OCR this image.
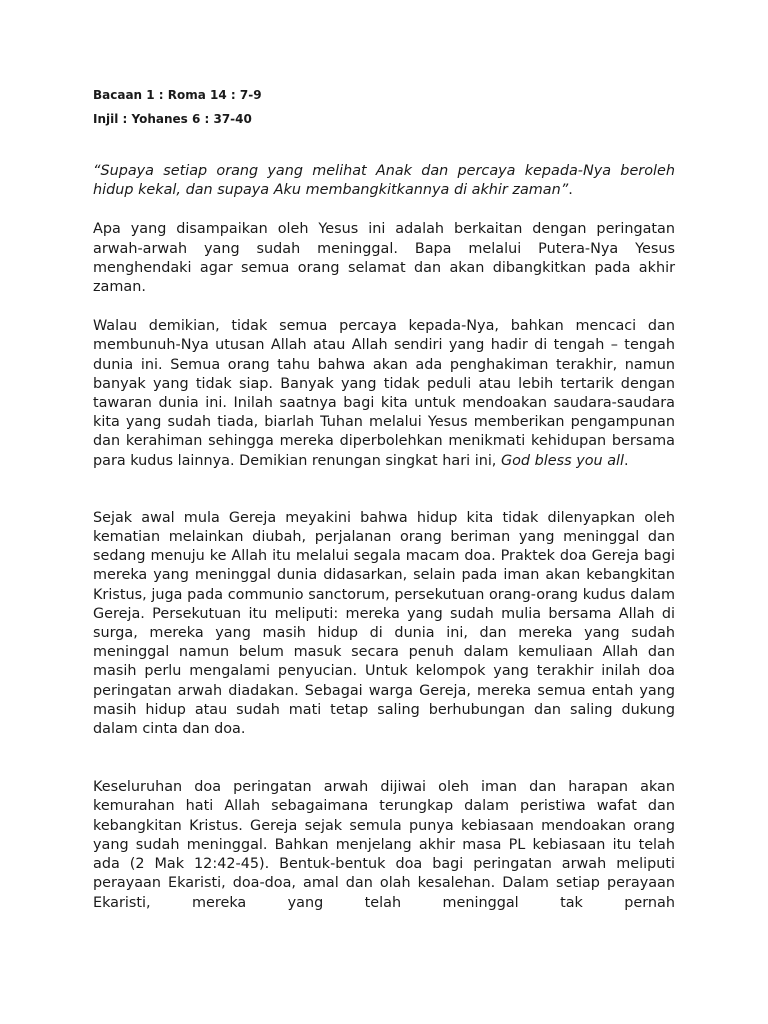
Bacaan 1 : Roma 14 : 7-9

Injil : Yohanes 6 : 37-40

“Supaya setiap orang yang melihat Anak dan percaya kepada-Nya beroleh hidup kekal, dan supaya Aku membangkitkannya di akhir zaman”.

Apa yang disampaikan oleh Yesus ini adalah berkaitan dengan peringatan arwah-arwah yang sudah meninggal. Bapa melalui Putera-Nya Yesus menghendaki agar semua orang selamat dan akan dibangkitkan pada akhir zaman.

Walau demikian, tidak semua percaya kepada-Nya, bahkan mencaci dan membunuh-Nya utusan Allah atau Allah sendiri yang hadir di tengah – tengah dunia ini. Semua orang tahu bahwa akan ada penghakiman terakhir, namun banyak yang tidak siap. Banyak yang tidak peduli atau lebih tertarik dengan tawaran dunia ini. Inilah saatnya bagi kita untuk mendoakan saudara-saudara kita yang sudah tiada, biarlah Tuhan melalui Yesus memberikan pengampunan dan kerahiman sehingga mereka diperbolehkan menikmati kehidupan bersama para kudus lainnya. Demikian renungan singkat hari ini, God bless you all.

Sejak awal mula Gereja meyakini bahwa hidup kita tidak dilenyapkan oleh kematian melainkan diubah, perjalanan orang beriman yang meninggal dan sedang menuju ke Allah itu melalui segala macam doa. Praktek doa Gereja bagi mereka yang meninggal dunia didasarkan, selain pada iman akan kebangkitan Kristus, juga pada communio sanctorum, persekutuan orang-orang kudus dalam Gereja. Persekutuan itu meliputi: mereka yang sudah mulia bersama Allah di surga, mereka yang masih hidup di dunia ini, dan mereka yang sudah meninggal namun belum masuk secara penuh dalam kemuliaan Allah dan masih perlu mengalami penyucian. Untuk kelompok yang terakhir inilah doa peringatan arwah diadakan. Sebagai warga Gereja, mereka semua entah yang masih hidup atau sudah mati tetap saling berhubungan dan saling dukung dalam cinta dan doa.

Keseluruhan doa peringatan arwah dijiwai oleh iman dan harapan akan kemurahan hati Allah sebagaimana terungkap dalam peristiwa wafat dan kebangkitan Kristus. Gereja sejak semula punya kebiasaan mendoakan orang yang sudah meninggal. Bahkan menjelang akhir masa PL kebiasaan itu telah ada (2 Mak 12:42-45). Bentuk-bentuk doa bagi peringatan arwah meliputi perayaan Ekaristi, doa-doa, amal dan olah kesalehan. Dalam setiap perayaan Ekaristi, mereka yang telah meninggal tak pernah
